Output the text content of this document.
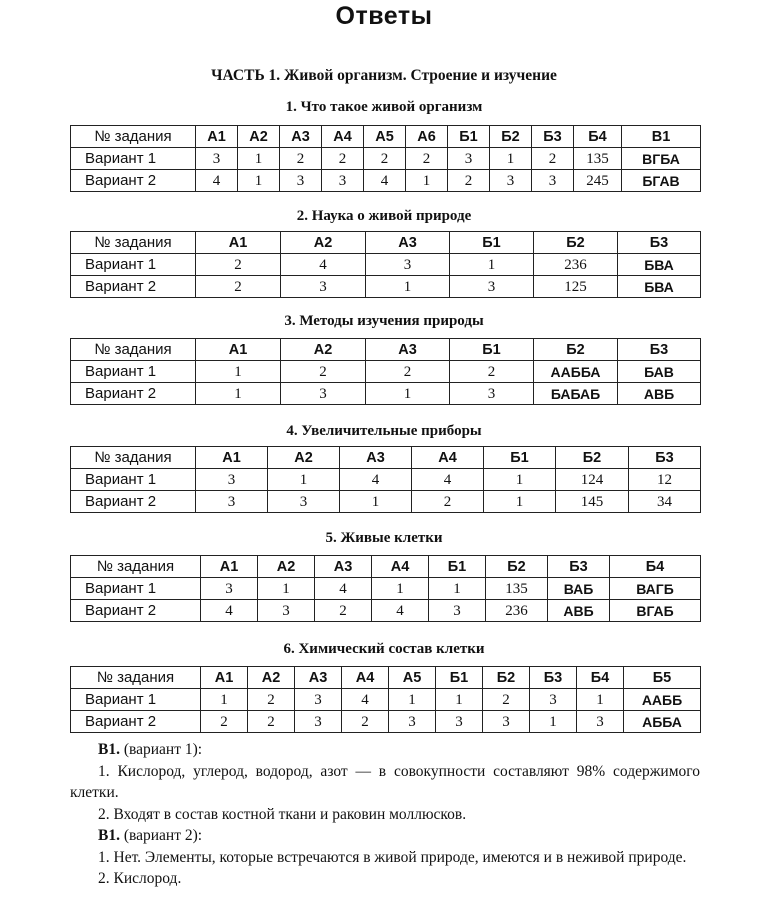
Ответы
ЧАСТЬ 1. Живой организм. Строение и изучение
1. Что такое живой организм
№ задания	А1	А2	А3	А4	А5	А6	Б1	Б2	Б3	Б4	В1
Вариант 1	3	1	2	2	2	2	3	1	2	135	ВГБА
Вариант 2	4	1	3	3	4	1	2	3	3	245	БГАВ
2. Наука о живой природе
№ задания	А1	А2	А3	Б1	Б2	Б3
Вариант 1	2	4	3	1	236	БВА
Вариант 2	2	3	1	3	125	БВА
3. Методы изучения природы
№ задания	А1	А2	А3	Б1	Б2	Б3
Вариант 1	1	2	2	2	ААББА	БАВ
Вариант 2	1	3	1	3	БАБАБ	АВБ
4. Увеличительные приборы
№ задания	А1	А2	А3	А4	Б1	Б2	Б3
Вариант 1	3	1	4	4	1	124	12
Вариант 2	3	3	1	2	1	145	34
5. Живые клетки
№ задания	А1	А2	А3	А4	Б1	Б2	Б3	Б4
Вариант 1	3	1	4	1	1	135	ВАБ	ВАГБ
Вариант 2	4	3	2	4	3	236	АВБ	ВГАБ
6. Химический состав клетки
№ задания	А1	А2	А3	А4	А5	Б1	Б2	Б3	Б4	Б5
Вариант 1	1	2	3	4	1	1	2	3	1	ААББ
Вариант 2	2	2	3	2	3	3	3	1	3	АББА

В1. (вариант 1):

1. Кислород, углерод, водород, азот — в совокупности составляют 98% содержимого клетки.

2. Входят в состав костной ткани и раковин моллюсков.

В1. (вариант 2):

1. Нет. Элементы, которые встречаются в живой природе, имеются и в неживой природе.

2. Кислород.
